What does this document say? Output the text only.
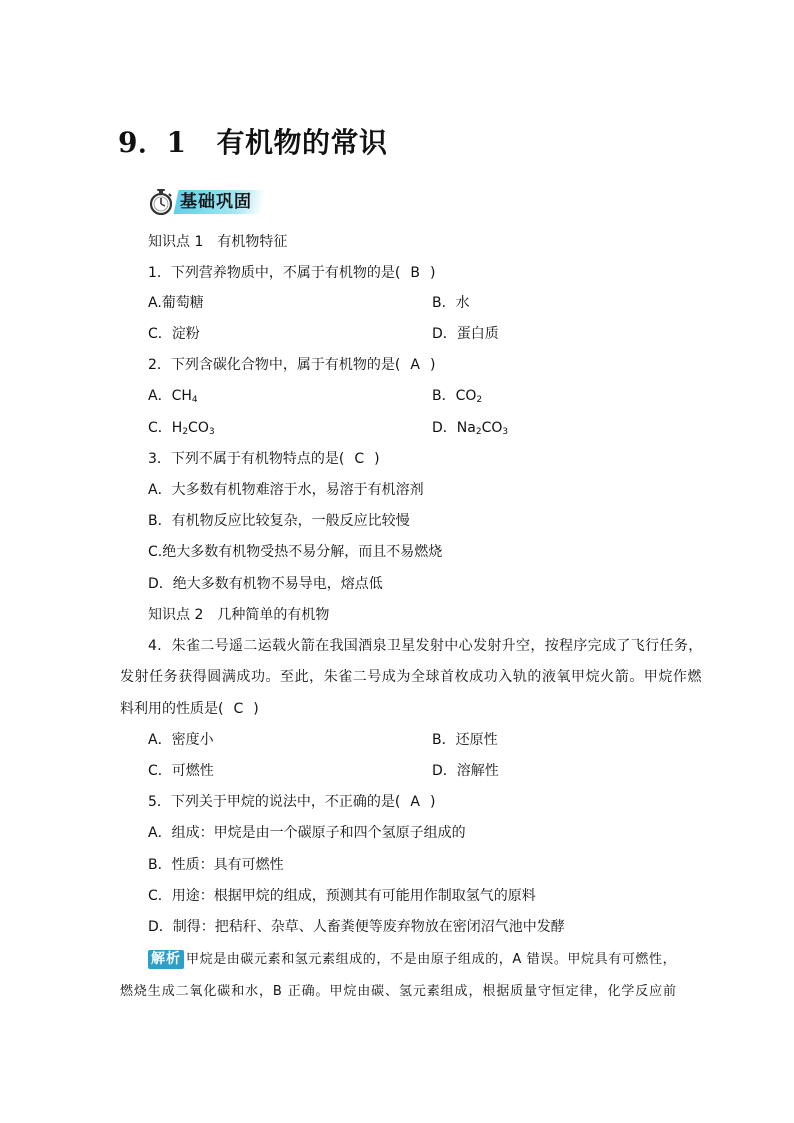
9．1 有机物的常识
基础巩固
知识点 1　有机物特征
1．下列营养物质中，不属于有机物的是( B )
A.葡萄糖	B．水
C．淀粉	D．蛋白质
2．下列含碳化合物中，属于有机物的是( A )
A．$CH_4$	B．$CO_2$
C．$H_2CO_3$	D．$Na_2CO_3$
3．下列不属于有机物特点的是( C )
A．大多数有机物难溶于水，易溶于有机溶剂
B．有机物反应比较复杂，一般反应比较慢
C.绝大多数有机物受热不易分解，而且不易燃烧
D．绝大多数有机物不易导电，熔点低
知识点 2　几种简单的有机物
4．朱雀二号遥二运载火箭在我国酒泉卫星发射中心发射升空，按程序完成了飞行任务，
发射任务获得圆满成功。至此，朱雀二号成为全球首枚成功入轨的液氧甲烷火箭。甲烷作燃
料利用的性质是( C )
A．密度小	B．还原性
C．可燃性	D．溶解性
5．下列关于甲烷的说法中，不正确的是( A )
A．组成：甲烷是由一个碳原子和四个氢原子组成的
B．性质：具有可燃性
C．用途：根据甲烷的组成，预测其有可能用作制取氢气的原料
D．制得：把秸秆、杂草、人畜粪便等废弃物放在密闭沼气池中发酵
解析 甲烷是由碳元素和氢元素组成的，不是由原子组成的，A 错误。甲烷具有可燃性，
燃烧生成二氧化碳和水，B 正确。甲烷由碳、氢元素组成，根据质量守恒定律，化学反应前
